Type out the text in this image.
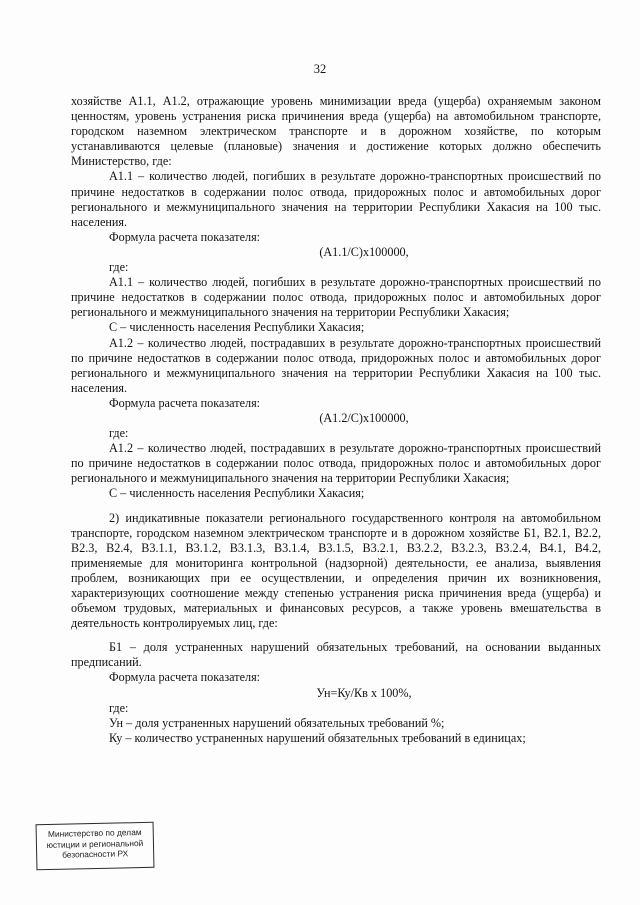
32

хозяйстве А1.1, А1.2, отражающие уровень минимизации вреда (ущерба) охраняемым законом ценностям, уровень устранения риска причинения вреда (ущерба) на автомобильном транспорте, городском наземном электрическом транспорте и в дорожном хозяйстве, по которым устанавливаются целевые (плановые) значения и достижение которых должно обеспечить Министерство, где:

А1.1 – количество людей, погибших в результате дорожно-транспортных происшествий по причине недостатков в содержании полос отвода, придорожных полос и автомобильных дорог регионального и межмуниципального значения на территории Республики Хакасия на 100 тыс. населения.

Формула расчета показателя:

(А1.1/С)х100000,

где:

А1.1 – количество людей, погибших в результате дорожно-транспортных происшествий по причине недостатков в содержании полос отвода, придорожных полос и автомобильных дорог регионального и межмуниципального значения на территории Республики Хакасия;

С – численность населения Республики Хакасия;

А1.2 – количество людей, пострадавших в результате дорожно-транспортных происшествий по причине недостатков в содержании полос отвода, придорожных полос и автомобильных дорог регионального и межмуниципального значения на территории Республики Хакасия на 100 тыс. населения.

Формула расчета показателя:

(А1.2/С)х100000,

где:

А1.2 – количество людей, пострадавших в результате дорожно-транспортных происшествий по причине недостатков в содержании полос отвода, придорожных полос и автомобильных дорог регионального и межмуниципального значения на территории Республики Хакасия;

С – численность населения Республики Хакасия;

2) индикативные показатели регионального государственного контроля на автомобильном транспорте, городском наземном электрическом транспорте и в дорожном хозяйстве Б1, В2.1, В2.2, В2.3, В2.4, В3.1.1, В3.1.2, В3.1.3, В3.1.4, В3.1.5, В3.2.1, В3.2.2, В3.2.3, В3.2.4, В4.1, В4.2, применяемые для мониторинга контрольной (надзорной) деятельности, ее анализа, выявления проблем, возникающих при ее осуществлении, и определения причин их возникновения, характеризующих соотношение между степенью устранения риска причинения вреда (ущерба) и объемом трудовых, материальных и финансовых ресурсов, а также уровень вмешательства в деятельность контролируемых лиц, где:

Б1 – доля устраненных нарушений обязательных требований, на основании выданных предписаний.

Формула расчета показателя:

Ун=Ку/Кв х 100%,

где:

Ун – доля устраненных нарушений обязательных требований %;

Ку – количество устраненных нарушений обязательных требований в единицах;

Министерство по делам
юстиции и региональной
безопасности РХ
